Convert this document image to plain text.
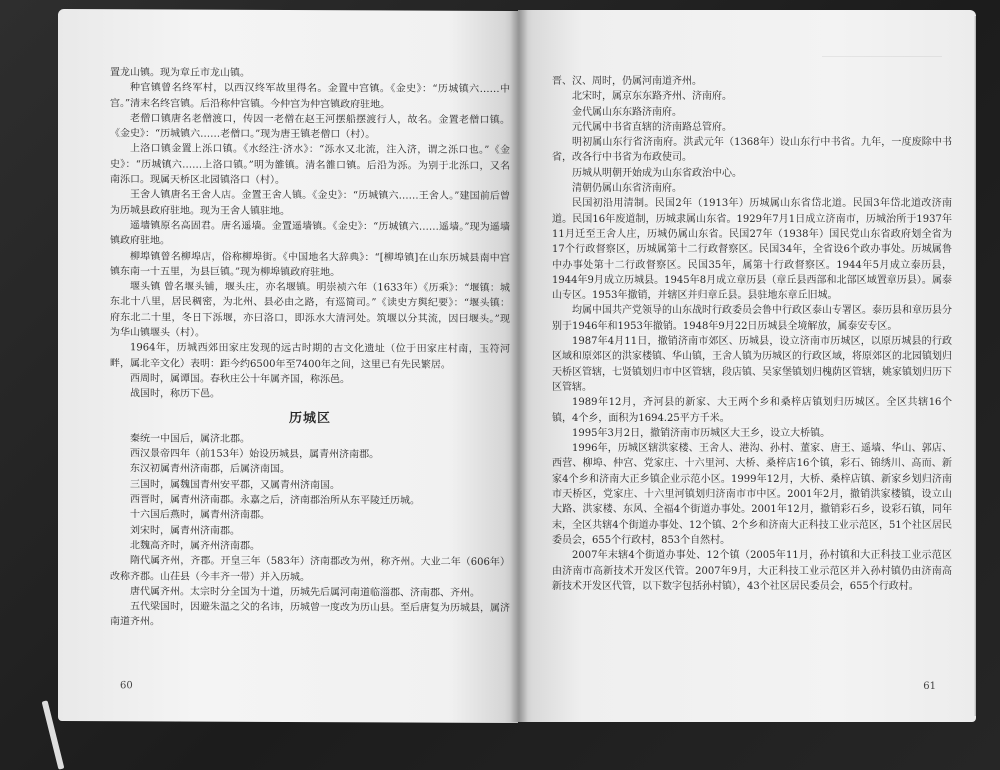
置龙山镇。现为章丘市龙山镇。

种官镇曾名终军村，以西汉终军故里得名。金置中宫镇。《金史》：“历城镇六……中宫。”清末名终宫镇。后沿称仲宫镇。今仲宫为仲宫镇政府驻地。

老僧口镇唐名老僧渡口，传因一老僧在赵王河摆船摆渡行人，故名。金置老僧口镇。《金史》：“历城镇六……老僧口。”现为唐王镇老僧口（村）。

上洛口镇金置上泺口镇。《水经注·济水》：“泺水又北流，注入济，谓之泺口也。”《金史》：“历城镇六……上洛口镇。”明为雒镇。清名雒口镇。后沿为泺。为别于北泺口，又名南泺口。现属天桥区北园镇洛口（村）。

王舍人镇唐名王舍人店。金置王舍人镇。《金史》：“历城镇六……王舍人。”建国前后曾为历城县政府驻地。现为王舍人镇驻地。

遥墙镇原名高固君。唐名遥墙。金置遥墙镇。《金史》：“历城镇六……遥墙。”现为遥墙镇政府驻地。

柳埠镇曾名柳埠店，俗称柳埠街。《中国地名大辞典》：“[柳埠镇]在山东历城县南中宫镇东南一十五里，为县巨镇。”现为柳埠镇政府驻地。

堰头镇 曾名堰头铺，堰头庄，亦名堰镇。明崇祯六年（1633年）《历乘》：“堰镇：城东北十八里，居民稠密，为北州、县必由之路，有巡简司。”《读史方舆纪要》：“堰头镇：府东北二十里，冬日下泺堰，亦曰洛口，即泺水大清河处。筑堰以分其流，因曰堰头。”现为华山镇堰头（村）。

1964年，历城西郊田家庄发现的远古时期的古文化遗址（位于田家庄村南，玉符河畔，属北辛文化）表明：距今约6500年至7400年之间，这里已有先民繁居。

西周时，属谭国。春秋庄公十年属齐国，称泺邑。

战国时，称历下邑。

历城区

秦统一中国后，属济北郡。

西汉景帝四年（前153年）始设历城县，属青州济南郡。

东汉初属青州济南郡，后属济南国。

三国时，属魏国青州安平郡，又属青州济南国。

西晋时，属青州济南郡。永嘉之后，济南郡治所从东平陵迁历城。

十六国后燕时，属青州济南郡。

刘宋时，属青州济南郡。

北魏高齐时，属齐州济南郡。

隋代属齐州，齐郡。开皇三年（583年）济南郡改为州，称齐州。大业二年（606年）改称齐郡。山茌县（今丰齐一带）并入历城。

唐代属齐州。太宗时分全国为十道，历城先后属河南道临淄郡、济南郡、齐州。

五代梁国时，因避朱温之父的名讳，历城曾一度改为历山县。至后唐复为历城县，属济南道齐州。

60

晋、汉、周时，仍属河南道齐州。

北宋时，属京东东路齐州、济南府。

金代属山东东路济南府。

元代属中书省直辖的济南路总管府。

明初属山东行省济南府。洪武元年（1368年）设山东行中书省。九年，一度废除中书省，改各行中书省为布政使司。

历城从明朝开始成为山东省政治中心。

清朝仍属山东省济南府。

民国初沿用清制。民国2年（1913年）历城属山东省岱北道。民国3年岱北道改济南道。民国16年废道制，历城隶属山东省。1929年7月1日成立济南市，历城治所于1937年11月迁至王舍人庄，历城仍属山东省。民国27年（1938年）国民党山东省政府划全省为17个行政督察区，历城属第十二行政督察区。民国34年，全省设6个政办事处。历城属鲁中办事处第十二行政督察区。民国35年，属第十行政督察区。1944年5月成立泰历县，1944年9月成立历城县。1945年8月成立章历县（章丘县西部和北部区域置章历县）。属泰山专区。1953年撤销，并辖区并归章丘县。县驻地东章丘旧城。

均属中国共产党领导的山东战时行政委员会鲁中行政区泰山专署区。泰历县和章历县分别于1946年和1953年撤销。1948年9月22日历城县全境解放，属泰安专区。

1987年4月11日，撤销济南市郊区、历城县，设立济南市历城区，以原历城县的行政区域和原郊区的洪家楼镇、华山镇，王舍人镇为历城区的行政区域，将原郊区的北园镇划归天桥区管辖，七贤镇划归市中区管辖，段店镇、吴家堡镇划归槐荫区管辖，姚家镇划归历下区管辖。

1989年12月，齐河县的新家、大王两个乡和桑梓店镇划归历城区。全区共辖16个镇，4个乡，面积为1694.25平方千米。

1995年3月2日，撤销济南市历城区大王乡，设立大桥镇。

1996年，历城区辖洪家楼、王舍人、港沟、孙村、董家、唐王、遥墙、华山、郭店、西营、柳埠、仲宫、党家庄、十六里河、大桥、桑梓店16个镇，彩石、锦绣川、高而、新家4个乡和济南大正乡镇企业示范小区。1999年12月，大桥、桑梓店镇、新家乡划归济南市天桥区，党家庄、十六里河镇划归济南市市中区。2001年2月，撤销洪家楼镇，设立山大路、洪家楼、东风、全福4个街道办事处。2001年12月，撤销彩石乡，设彩石镇，同年末，全区共辖4个街道办事处、12个镇、2个乡和济南大正科技工业示范区，51个社区居民委员会，655个行政村，853个自然村。

2007年末辖4个街道办事处、12个镇（2005年11月，孙村镇和大正科技工业示范区由济南市高新技术开发区代管。2007年9月，大正科技工业示范区并入孙村镇仍由济南高新技术开发区代管，以下数字包括孙村镇），43个社区居民委员会，655个行政村。

61
